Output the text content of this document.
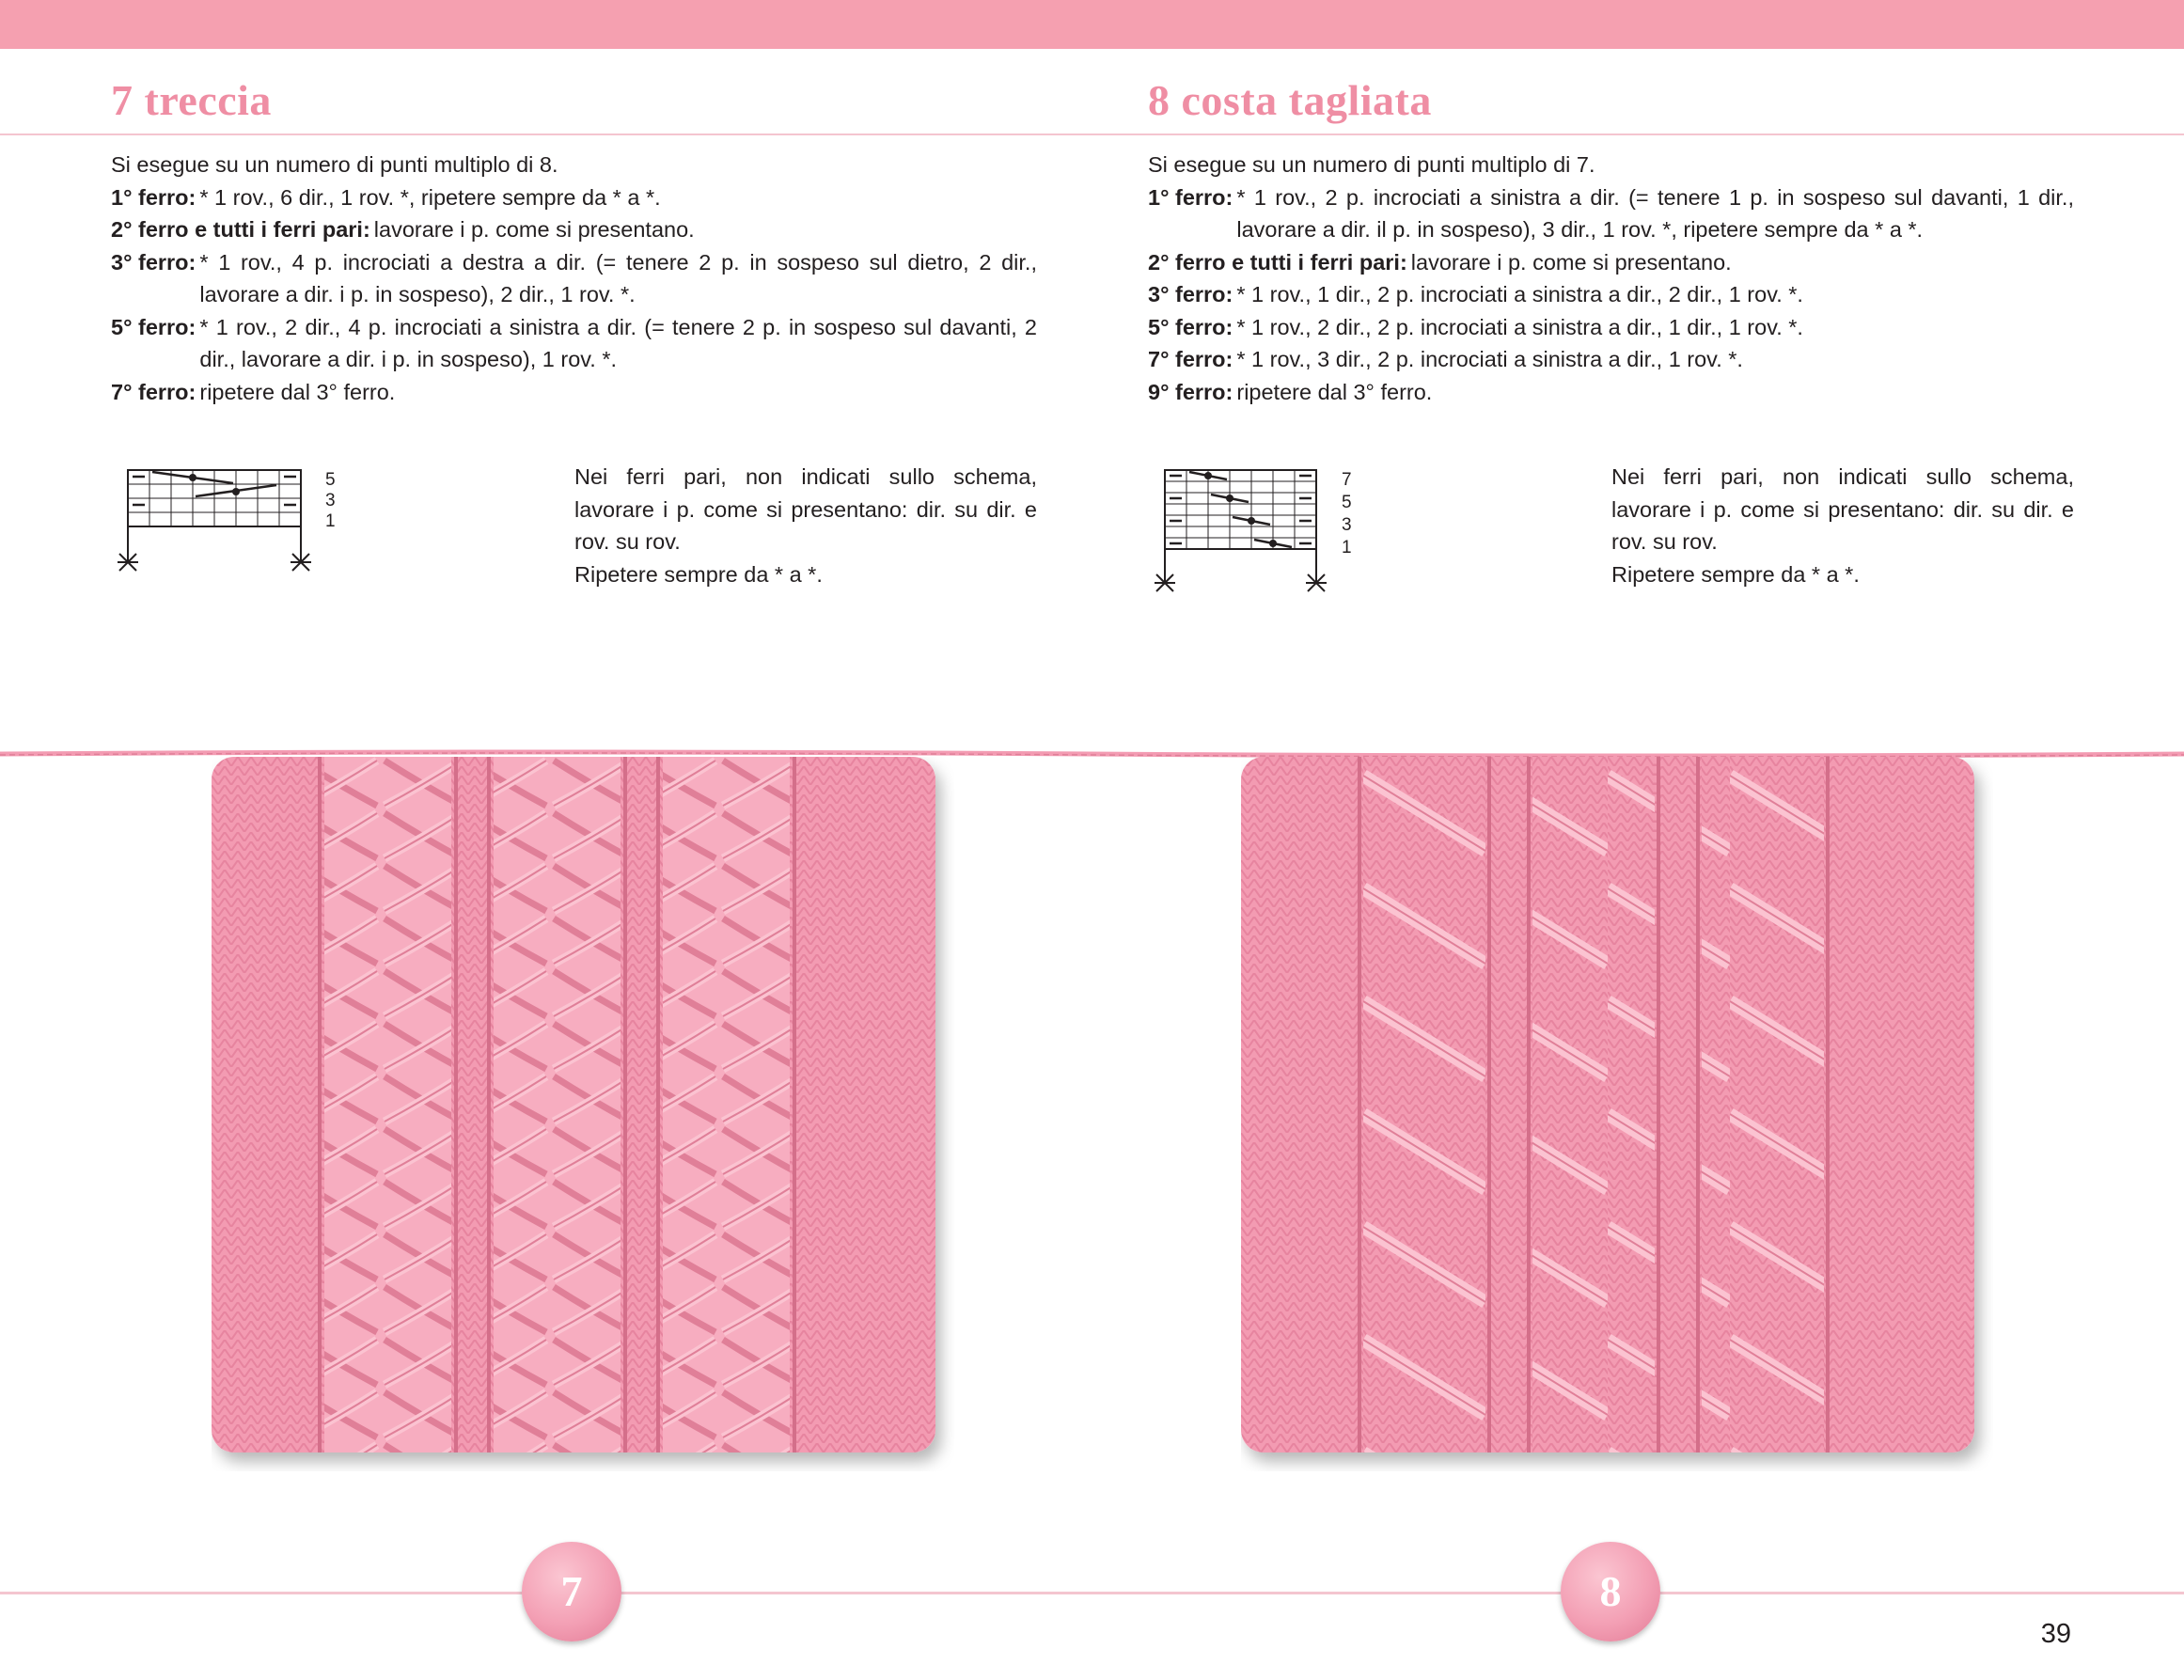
7 treccia

Si esegue su un numero di punti multiplo di 8.

1° ferro: * 1 rov., 6 dir., 1 rov. *, ripetere sempre da * a *.
2° ferro e tutti i ferri pari: lavorare i p. come si presentano.
3° ferro: * 1 rov., 4 p. incrociati a destra a dir. (= tenere 2 p. in sospeso sul dietro, 2 dir., lavorare a dir. i p. in sospeso), 2 dir., 1 rov. *.
5° ferro: * 1 rov., 2 dir., 4 p. incrociati a sinistra a dir. (= tenere 2 p. in sospeso sul davanti, 2 dir., lavorare a dir. i p. in sospeso), 1 rov. *.
7° ferro: ripetere dal 3° ferro.
5
3
1

Nei ferri pari, non indicati sullo schema, lavorare i p. come si presentano: dir. su dir. e rov. su rov.

Ripetere sempre da * a *.

8 costa tagliata

Si esegue su un numero di punti multiplo di 7.

1° ferro: * 1 rov., 2 p. incrociati a sinistra a dir. (= tenere 1 p. in sospeso sul davanti, 1 dir., lavorare a dir. il p. in sospeso), 3 dir., 1 rov. *, ripetere sempre da * a *.
2° ferro e tutti i ferri pari: lavorare i p. come si presentano.
3° ferro: * 1 rov., 1 dir., 2 p. incrociati a sinistra a dir., 2 dir., 1 rov. *.
5° ferro: * 1 rov., 2 dir., 2 p. incrociati a sinistra a dir., 1 dir., 1 rov. *.
7° ferro: * 1 rov., 3 dir., 2 p. incrociati a sinistra a dir., 1 rov. *.
9° ferro: ripetere dal 3° ferro.
7
5
3
1

Nei ferri pari, non indicati sullo schema, lavorare i p. come si presentano: dir. su dir. e rov. su rov.

Ripetere sempre da * a *.

7	8
39
